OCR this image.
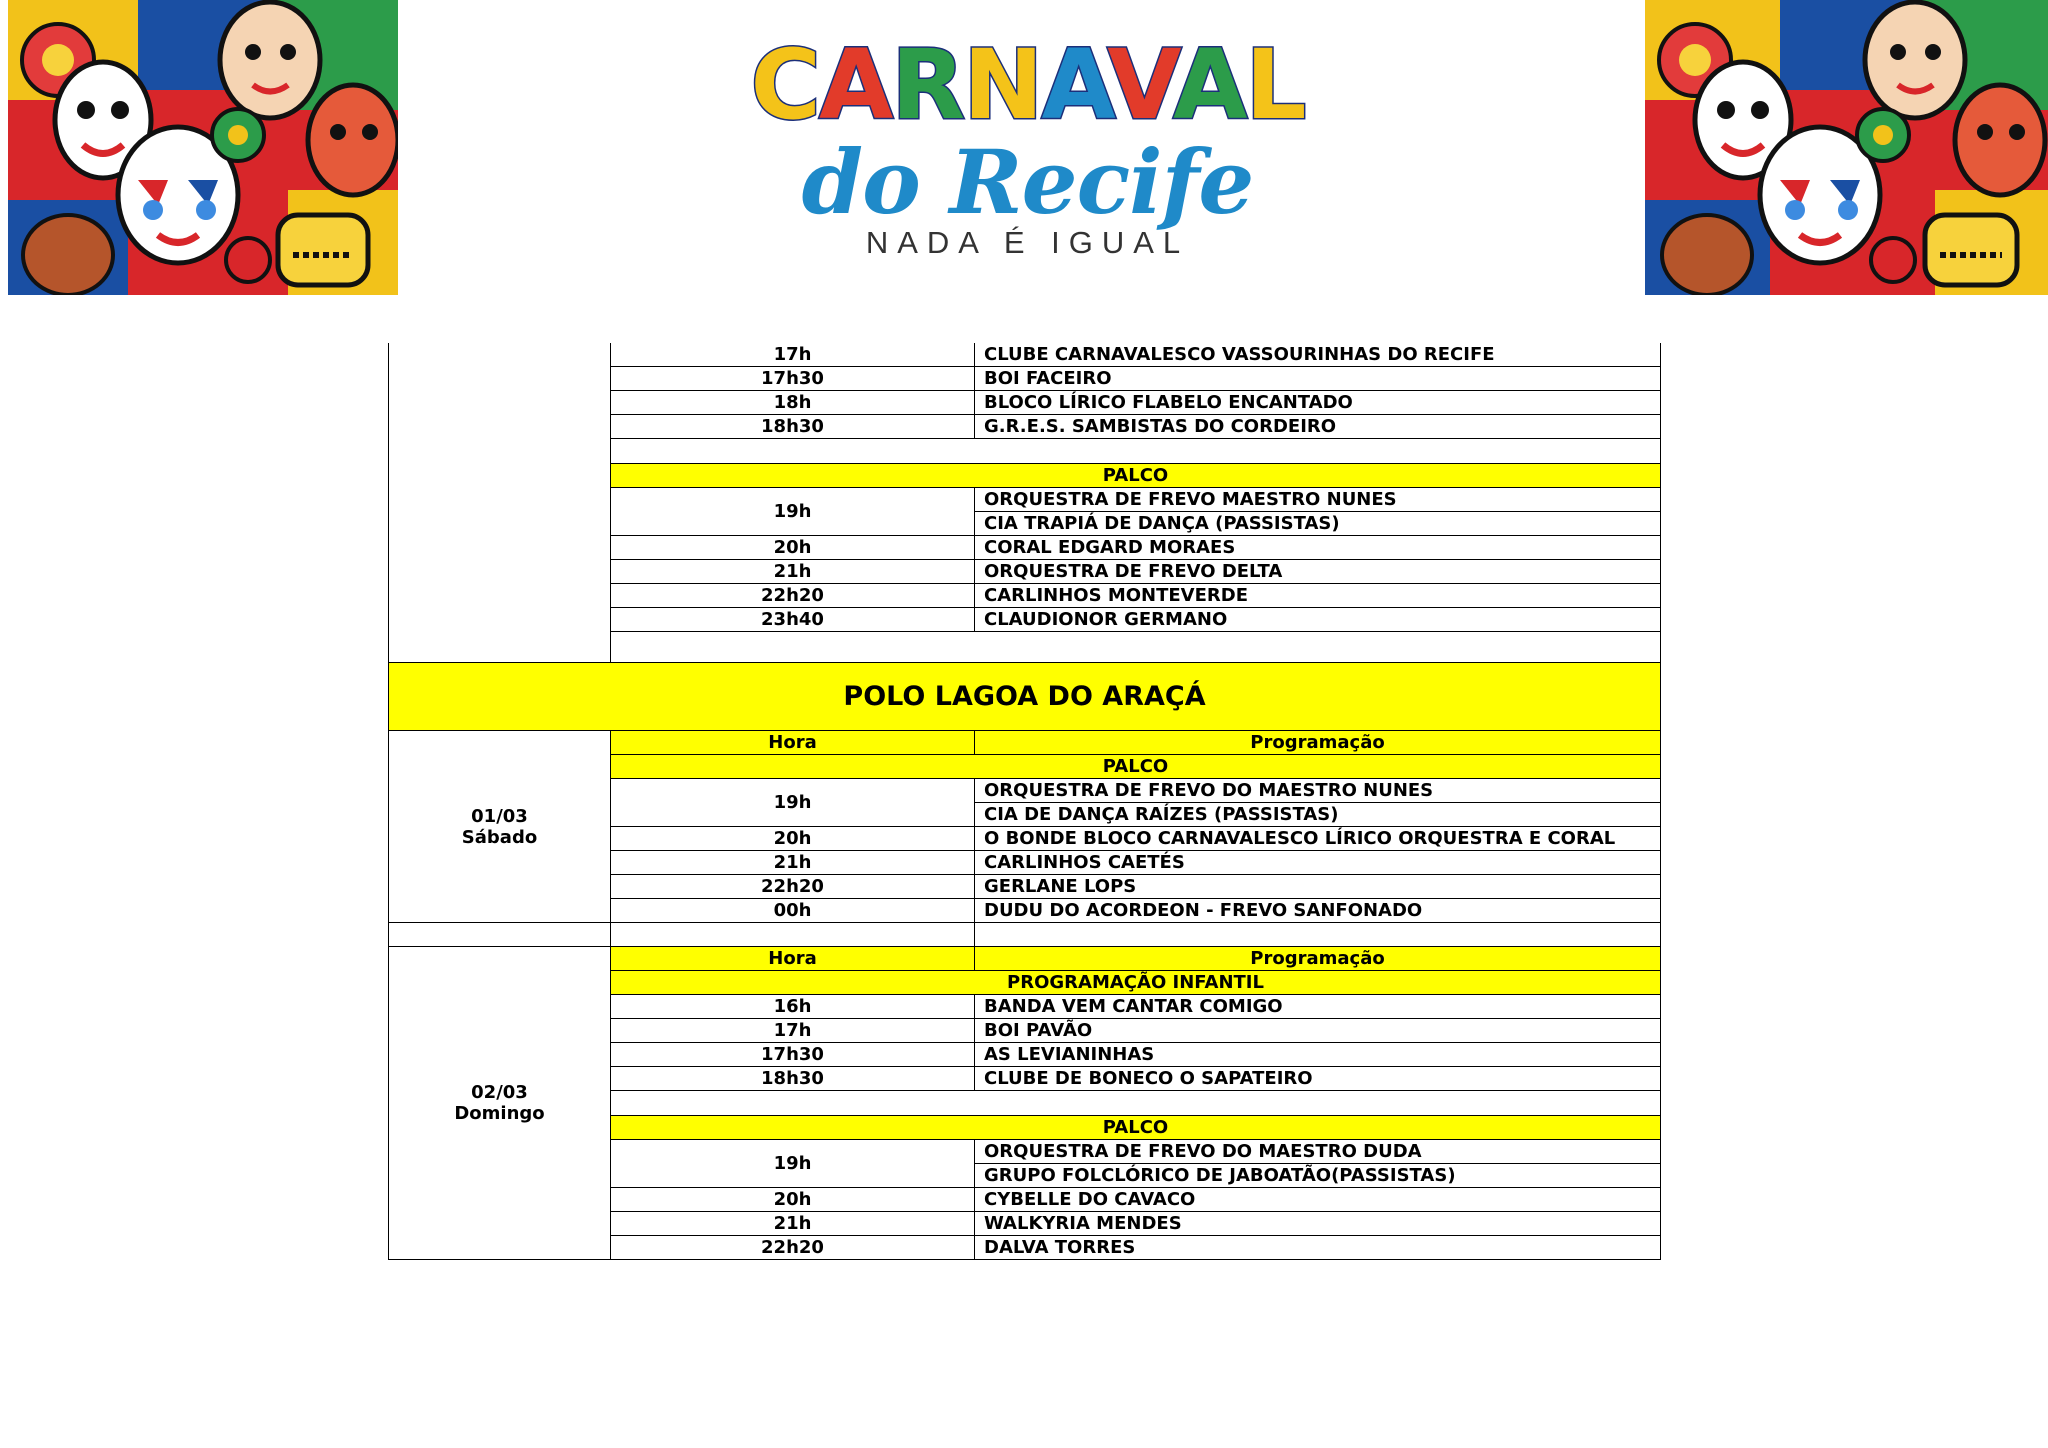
CARNAVAL
do Recife
NADA É IGUAL
	17h	CLUBE CARNAVALESCO VASSOURINHAS DO RECIFE
	17h30	BOI FACEIRO
	18h	BLOCO LÍRICO FLABELO ENCANTADO
	18h30	G.R.E.S. SAMBISTAS DO CORDEIRO

	PALCO	
	19h	ORQUESTRA DE FREVO MAESTRO NUNES
		CIA TRAPIÁ DE DANÇA (PASSISTAS)
	20h	CORAL EDGARD MORAES
	21h	ORQUESTRA DE FREVO DELTA
	22h20	CARLINHOS MONTEVERDE
	23h40	CLAUDIONOR GERMANO

POLO LAGOA DO ARAÇÁ		

01/03
Sábado	Hora	Programação
	PALCO	
	19h	ORQUESTRA DE FREVO DO MAESTRO NUNES
		CIA DE DANÇA RAÍZES (PASSISTAS)
	20h	O BONDE BLOCO CARNAVALESCO LÍRICO ORQUESTRA E CORAL
	21h	CARLINHOS CAETÉS
	22h20	GERLANE LOPS
	00h	DUDU DO ACORDEON - FREVO SANFONADO

02/03
Domingo	Hora	Programação
	PROGRAMAÇÃO INFANTIL	
	16h	BANDA VEM CANTAR COMIGO
	17h	BOI PAVÃO
	17h30	AS LEVIANINHAS
	18h30	CLUBE DE BONECO O SAPATEIRO

	PALCO	
	19h	ORQUESTRA DE FREVO DO MAESTRO DUDA
		GRUPO FOLCLÓRICO DE JABOATÃO(PASSISTAS)
	20h	CYBELLE DO CAVACO
	21h	WALKYRIA MENDES
	22h20	DALVA TORRES
